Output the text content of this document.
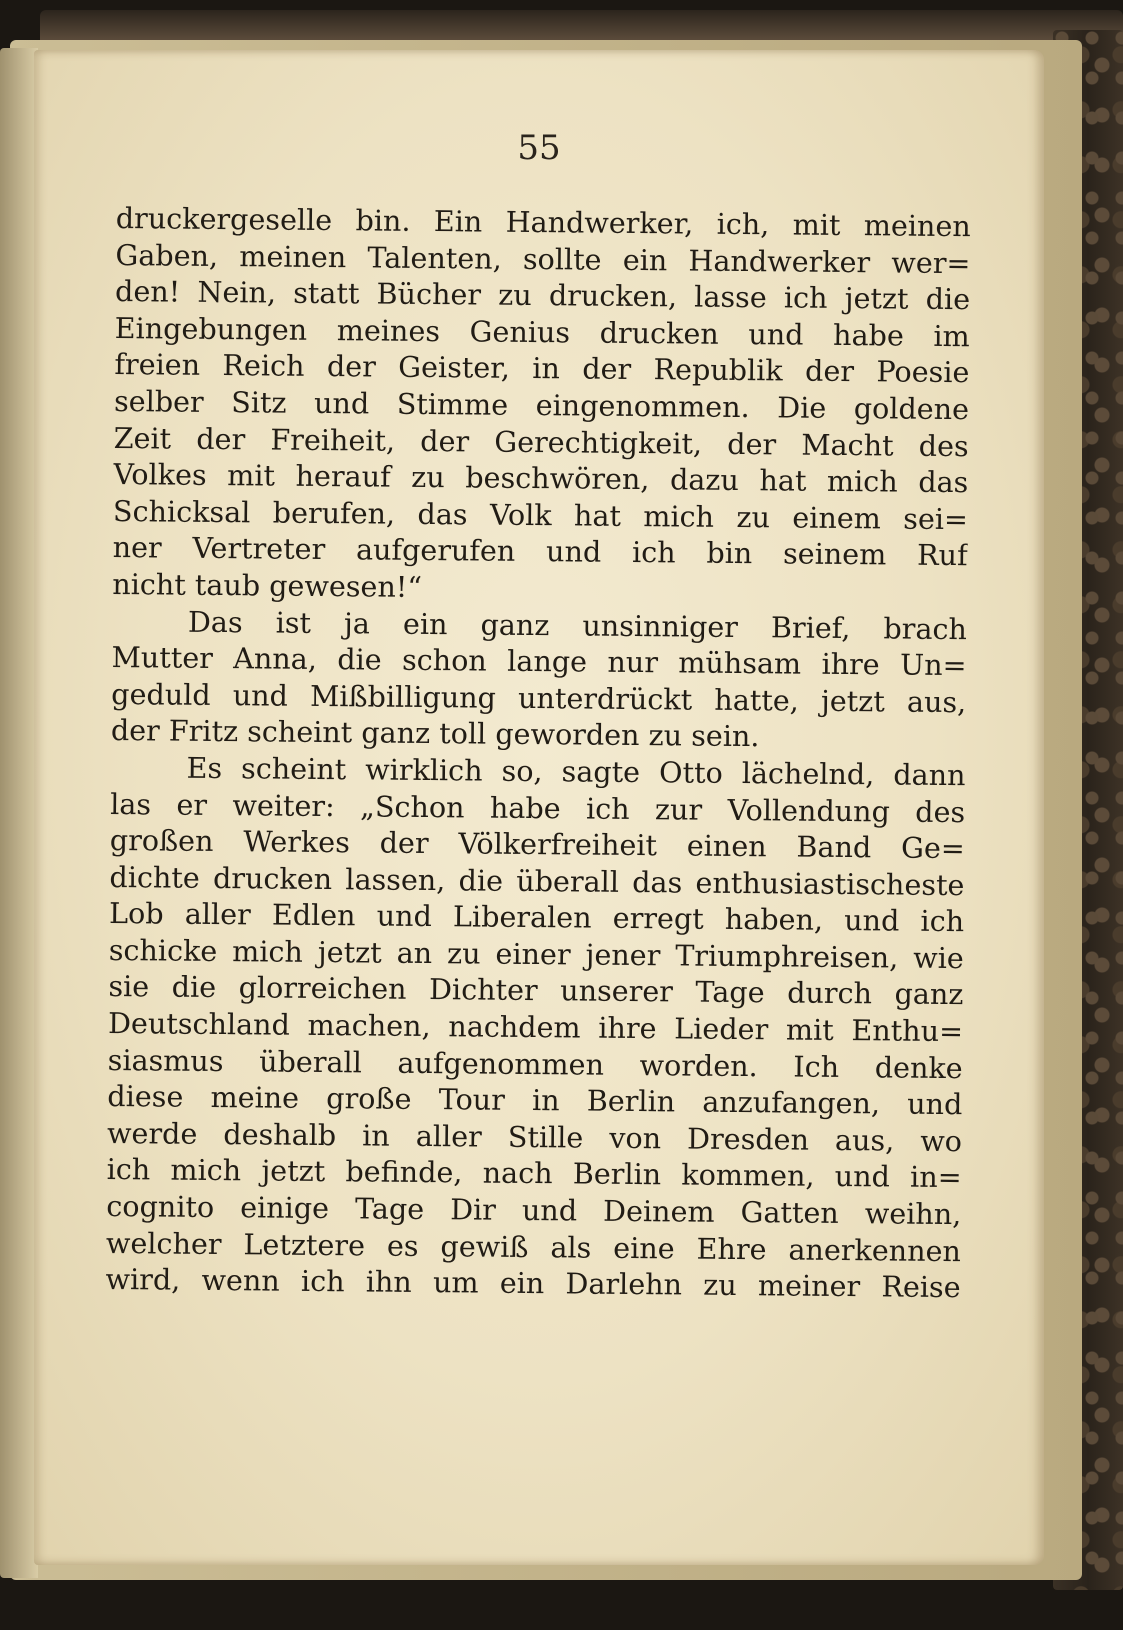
55
druckergeselle bin. Ein Handwerker, ich, mit meinen
Gaben, meinen Talenten, sollte ein Handwerker wer=
den! Nein, statt Bücher zu drucken, lasse ich jetzt die
Eingebungen meines Genius drucken und habe im
freien Reich der Geister, in der Republik der Poesie
selber Sitz und Stimme eingenommen. Die goldene
Zeit der Freiheit, der Gerechtigkeit, der Macht des
Volkes mit herauf zu beschwören, dazu hat mich das
Schicksal berufen, das Volk hat mich zu einem sei=
ner Vertreter aufgerufen und ich bin seinem Ruf
nicht taub gewesen!“
Das ist ja ein ganz unsinniger Brief, brach
Mutter Anna, die schon lange nur mühsam ihre Un=
geduld und Mißbilligung unterdrückt hatte, jetzt aus,
der Fritz scheint ganz toll geworden zu sein.
Es scheint wirklich so, sagte Otto lächelnd, dann
las er weiter: „Schon habe ich zur Vollendung des
großen Werkes der Völkerfreiheit einen Band Ge=
dichte drucken lassen, die überall das enthusiastischeste
Lob aller Edlen und Liberalen erregt haben, und ich
schicke mich jetzt an zu einer jener Triumphreisen, wie
sie die glorreichen Dichter unserer Tage durch ganz
Deutschland machen, nachdem ihre Lieder mit Enthu=
siasmus überall aufgenommen worden. Ich denke
diese meine große Tour in Berlin anzufangen, und
werde deshalb in aller Stille von Dresden aus, wo
ich mich jetzt befinde, nach Berlin kommen, und in=
cognito einige Tage Dir und Deinem Gatten weihn,
welcher Letztere es gewiß als eine Ehre anerkennen
wird, wenn ich ihn um ein Darlehn zu meiner Reise
